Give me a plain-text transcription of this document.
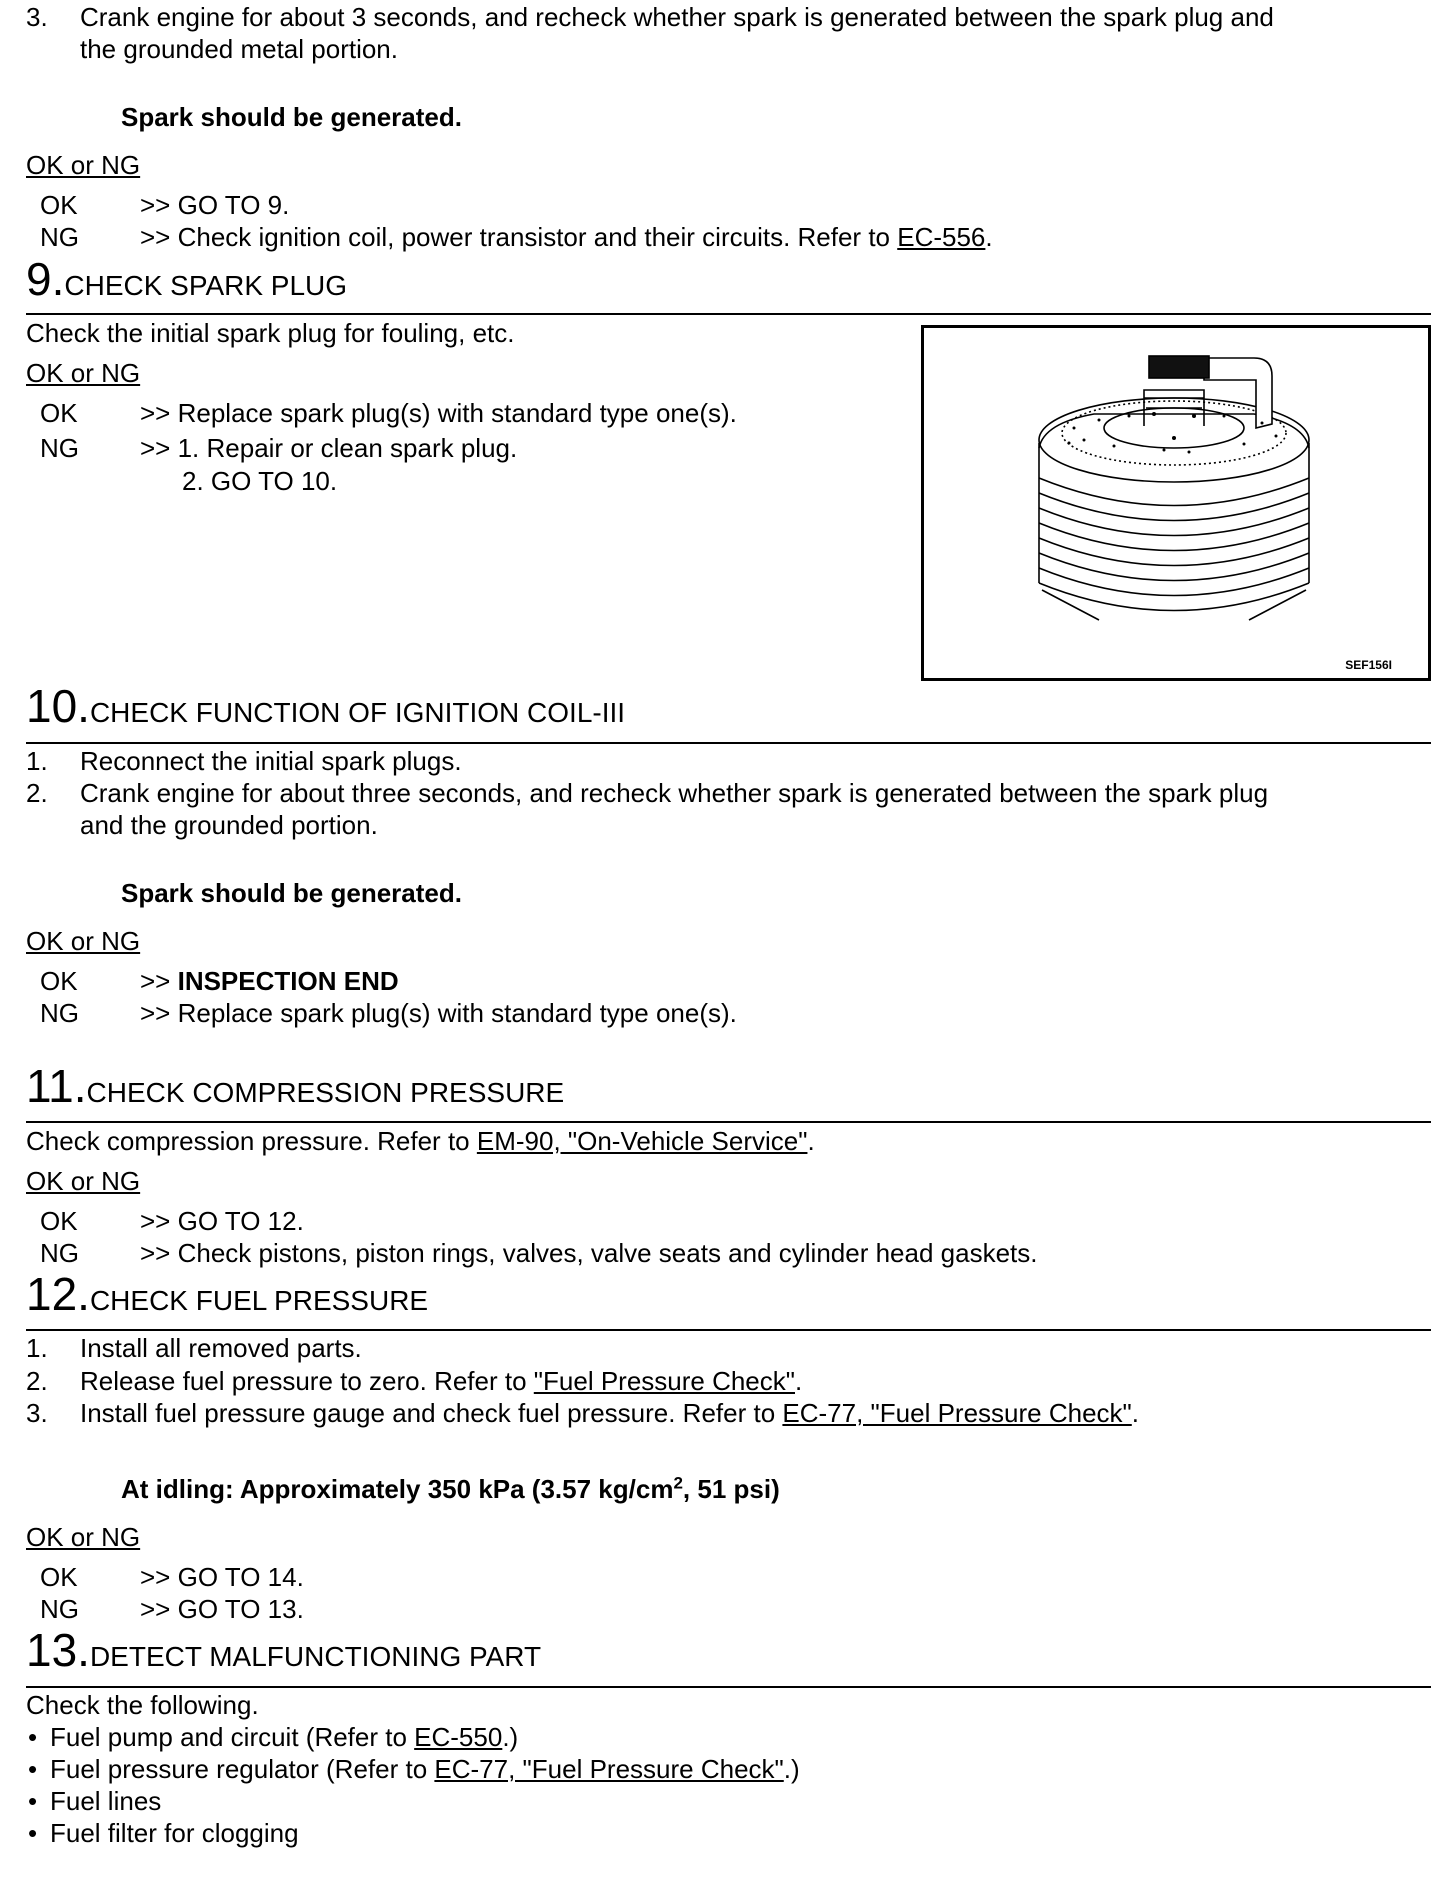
3. Crank engine for about 3 seconds, and recheck whether spark is generated between the spark plug and
the grounded metal portion.
Spark should be generated.
OK or NG
OK >> GO TO 9.
NG >> Check ignition coil, power transistor and their circuits. Refer to EC-556.
9.CHECK SPARK PLUG
Check the initial spark plug for fouling, etc.
OK or NG
OK >> Replace spark plug(s) with standard type one(s).
NG >> 1. Repair or clean spark plug.
2. GO TO 10.
SEF156I
10.CHECK FUNCTION OF IGNITION COIL-III
1. Reconnect the initial spark plugs.
2. Crank engine for about three seconds, and recheck whether spark is generated between the spark plug
and the grounded portion.
Spark should be generated.
OK or NG
OK >> INSPECTION END
NG >> Replace spark plug(s) with standard type one(s).
11.CHECK COMPRESSION PRESSURE
Check compression pressure. Refer to EM-90, "On-Vehicle Service".
OK or NG
OK >> GO TO 12.
NG >> Check pistons, piston rings, valves, valve seats and cylinder head gaskets.
12.CHECK FUEL PRESSURE
1. Install all removed parts.
2. Release fuel pressure to zero. Refer to "Fuel Pressure Check".
3. Install fuel pressure gauge and check fuel pressure. Refer to EC-77, "Fuel Pressure Check".
At idling: Approximately 350 kPa (3.57 $kg/cm^2$, 51 psi)
OK or NG
OK >> GO TO 14.
NG >> GO TO 13.
13.DETECT MALFUNCTIONING PART
Check the following.
• Fuel pump and circuit (Refer to EC-550.)
• Fuel pressure regulator (Refer to EC-77, "Fuel Pressure Check".)
• Fuel lines
• Fuel filter for clogging
